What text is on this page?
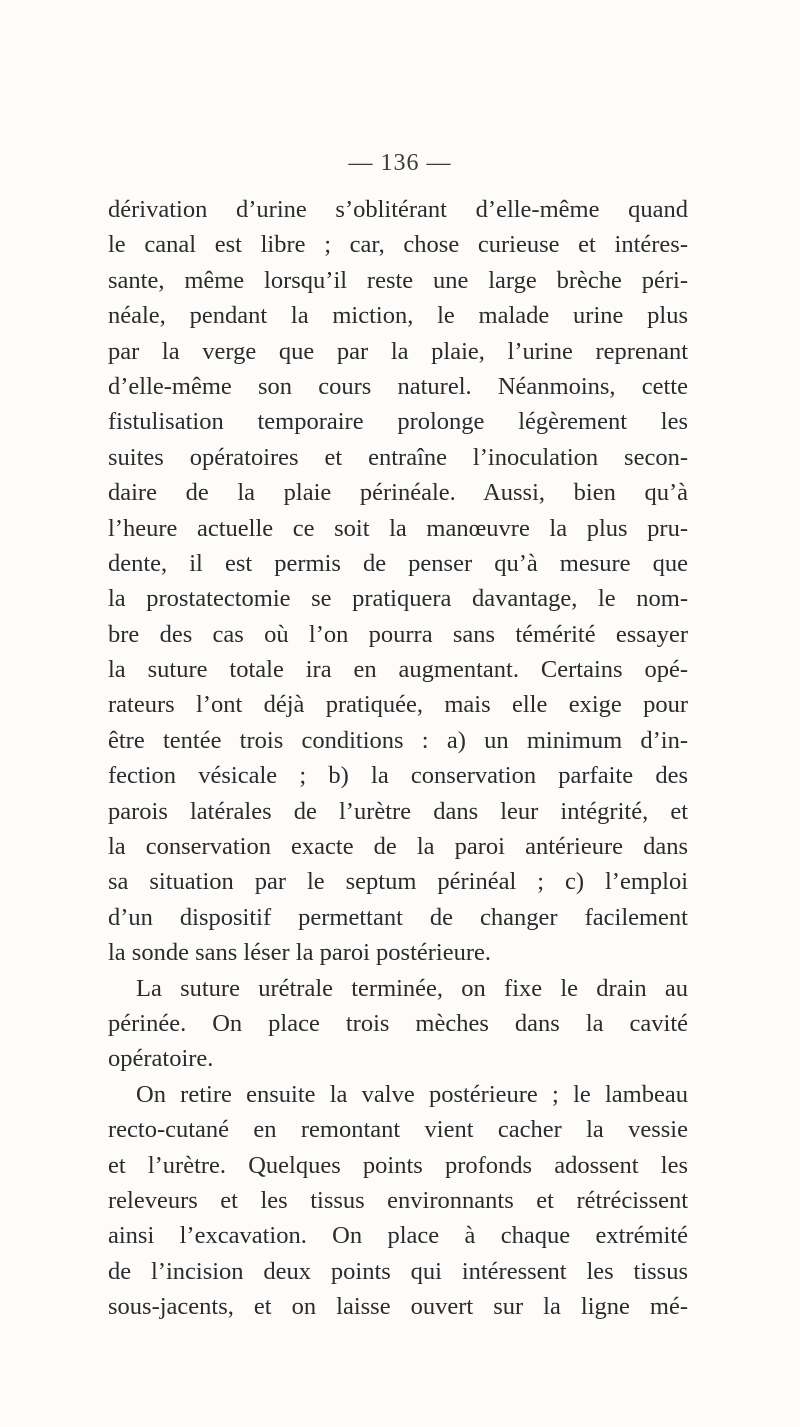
— 136 —
dérivation d’urine s’oblitérant d’elle-même quand
le canal est libre ; car, chose curieuse et intéres-
sante, même lorsqu’il reste une large brèche péri-
néale, pendant la miction, le malade urine plus
par la verge que par la plaie, l’urine reprenant
d’elle-même son cours naturel. Néanmoins, cette
fistulisation temporaire prolonge légèrement les
suites opératoires et entraîne l’inoculation secon-
daire de la plaie périnéale. Aussi, bien qu’à
l’heure actuelle ce soit la manœuvre la plus pru-
dente, il est permis de penser qu’à mesure que
la prostatectomie se pratiquera davantage, le nom-
bre des cas où l’on pourra sans témérité essayer
la suture totale ira en augmentant. Certains opé-
rateurs l’ont déjà pratiquée, mais elle exige pour
être tentée trois conditions : a) un minimum d’in-
fection vésicale ; b) la conservation parfaite des
parois latérales de l’urètre dans leur intégrité, et
la conservation exacte de la paroi antérieure dans
sa situation par le septum périnéal ; c) l’emploi
d’un dispositif permettant de changer facilement
la sonde sans léser la paroi postérieure.
La suture urétrale terminée, on fixe le drain au
périnée. On place trois mèches dans la cavité
opératoire.
On retire ensuite la valve postérieure ; le lambeau
recto-cutané en remontant vient cacher la vessie
et l’urètre. Quelques points profonds adossent les
releveurs et les tissus environnants et rétrécissent
ainsi l’excavation. On place à chaque extrémité
de l’incision deux points qui intéressent les tissus
sous-jacents, et on laisse ouvert sur la ligne mé-
